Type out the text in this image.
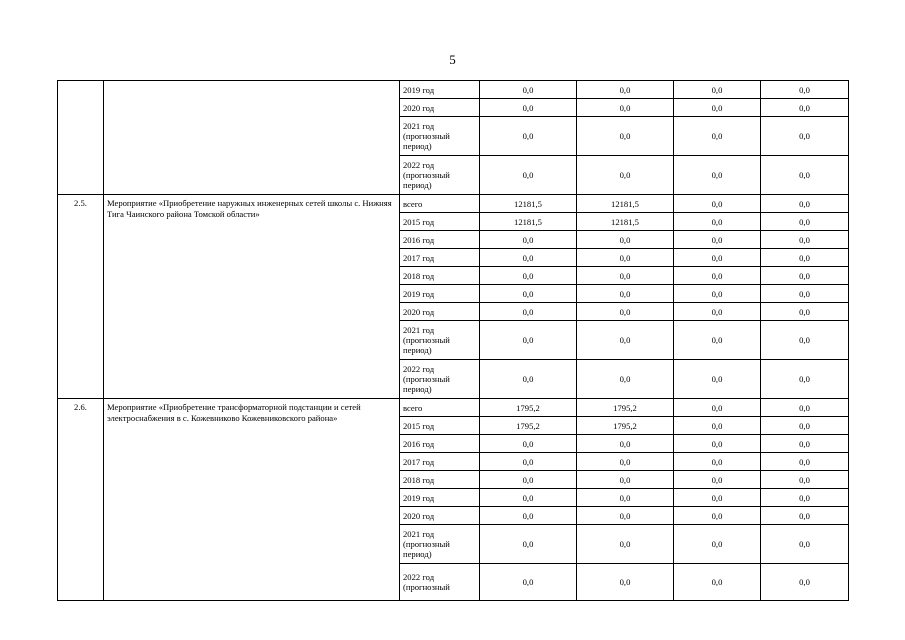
5
		2019 год	0,0	0,0	0,0	0,0
		2020 год	0,0	0,0	0,0	0,0
		2021 год (прогнозный период)	0,0	0,0	0,0	0,0
		2022 год (прогнозный период)	0,0	0,0	0,0	0,0
2.5.	Мероприятие «Приобретение наружных инженерных сетей школы с. Нижняя Тига Чаинского района Томской области»	всего	12181,5	12181,5	0,0	0,0
		2015 год	12181,5	12181,5	0,0	0,0
		2016 год	0,0	0,0	0,0	0,0
		2017 год	0,0	0,0	0,0	0,0
		2018 год	0,0	0,0	0,0	0,0
		2019 год	0,0	0,0	0,0	0,0
		2020 год	0,0	0,0	0,0	0,0
		2021 год (прогнозный период)	0,0	0,0	0,0	0,0
		2022 год (прогнозный период)	0,0	0,0	0,0	0,0
2.6.	Мероприятие «Приобретение трансформаторной подстанции и сетей электроснабжения в с. Кожевниково Кожевниковского района»	всего	1795,2	1795,2	0,0	0,0
		2015 год	1795,2	1795,2	0,0	0,0
		2016 год	0,0	0,0	0,0	0,0
		2017 год	0,0	0,0	0,0	0,0
		2018 год	0,0	0,0	0,0	0,0
		2019 год	0,0	0,0	0,0	0,0
		2020 год	0,0	0,0	0,0	0,0
		2021 год (прогнозный период)	0,0	0,0	0,0	0,0
		2022 год (прогнозный	0,0	0,0	0,0	0,0
